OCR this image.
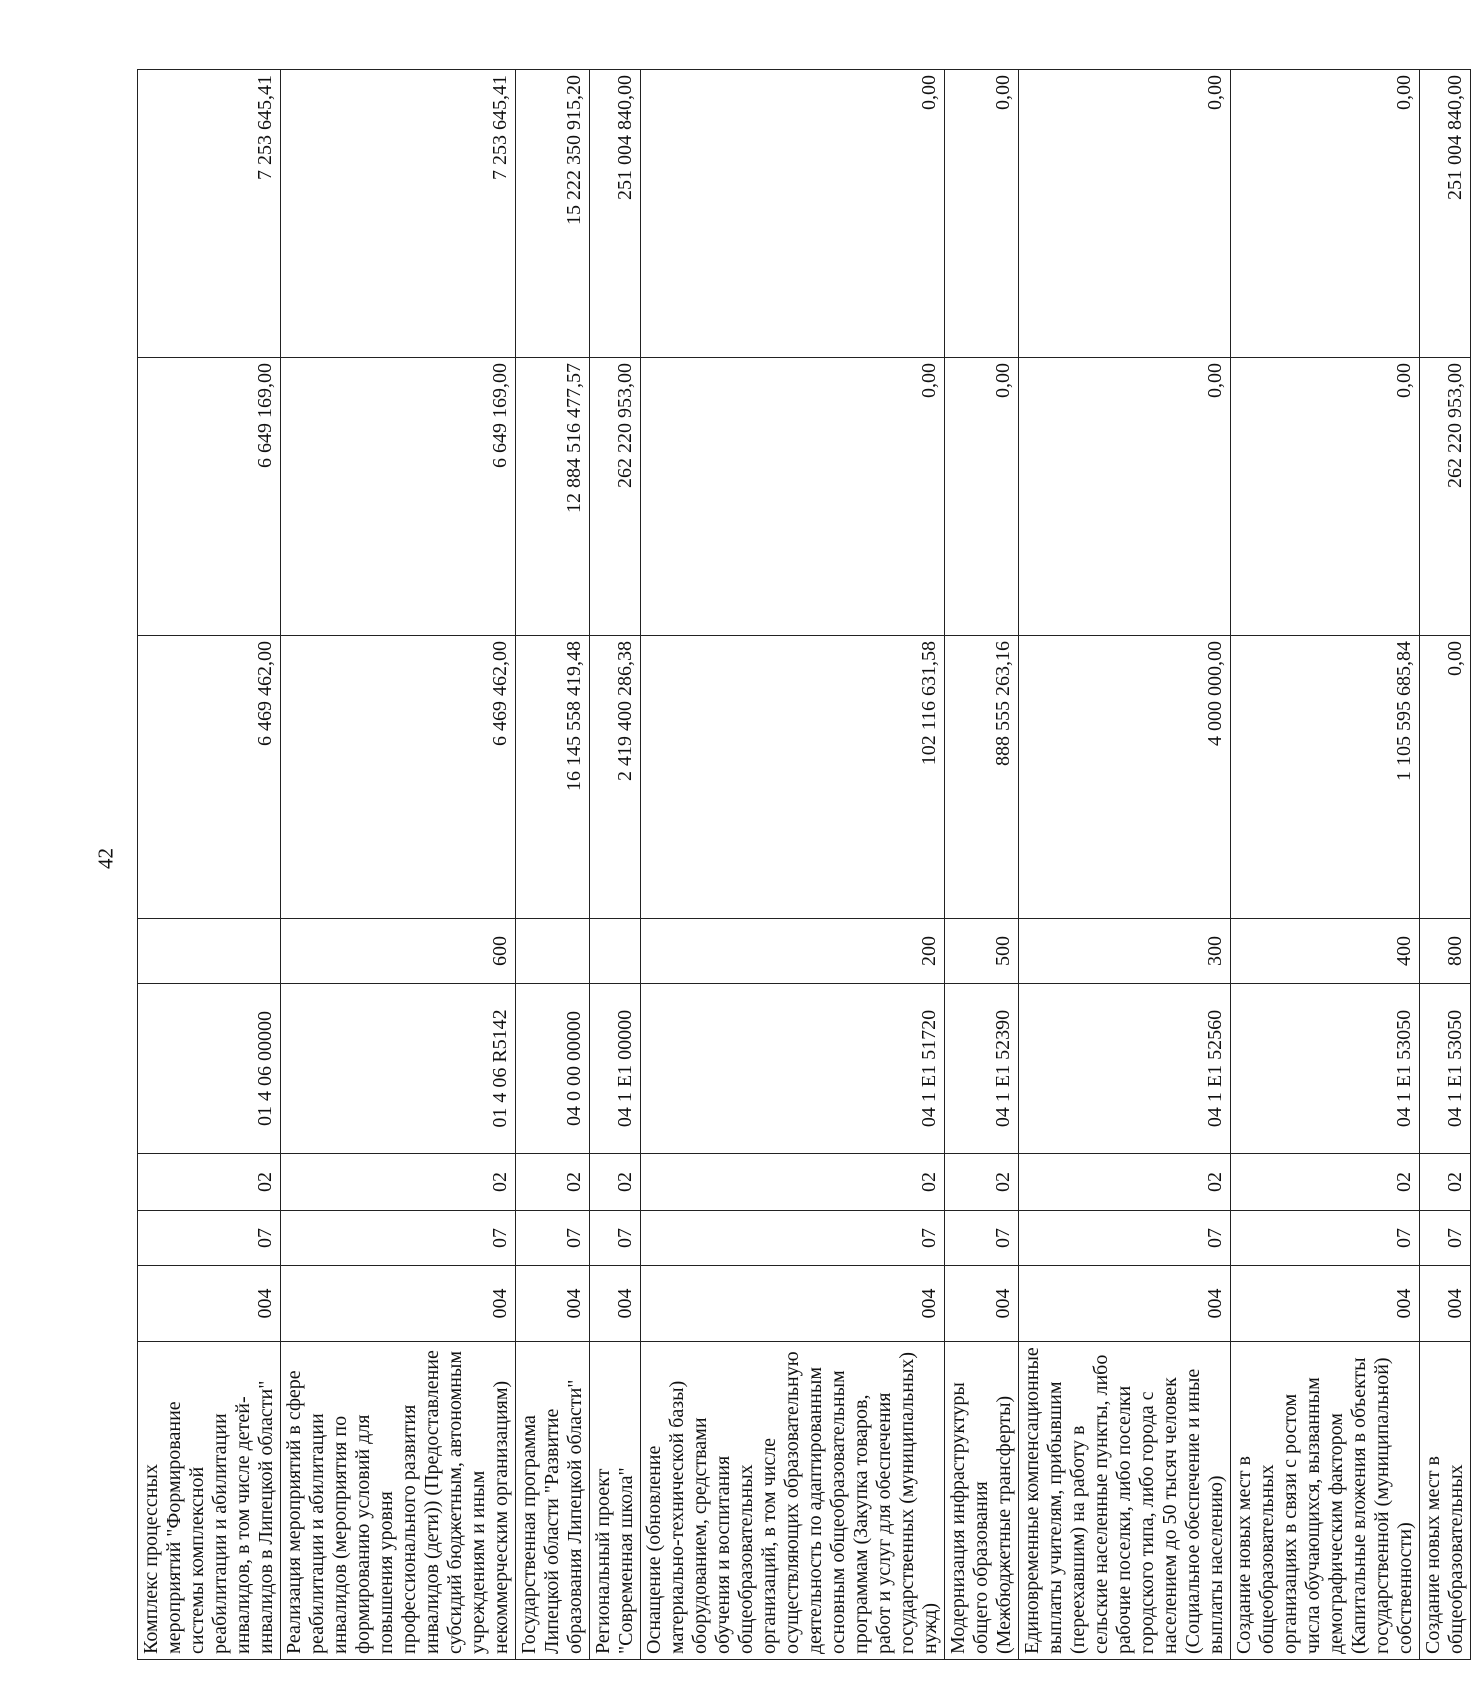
42
Комплекс процессных мероприятий "Формирование системы комплексной реабилитации и абилитации инвалидов, в том числе детей-инвалидов в Липецкой области"	004	07	02	01 4 06 00000		6 469 462,00	6 649 169,00	7 253 645,41
Реализация мероприятий в сфере реабилитации и абилитации инвалидов (мероприятия по формированию условий для повышения уровня профессионального развития инвалидов (дети)) (Предоставление субсидий бюджетным, автономным учреждениям и иным некоммерческим организациям)	004	07	02	01 4 06 R5142	600	6 469 462,00	6 649 169,00	7 253 645,41
Государственная программа Липецкой области "Развитие образования Липецкой области"	004	07	02	04 0 00 00000		16 145 558 419,48	12 884 516 477,57	15 222 350 915,20
Региональный проект "Современная школа"	004	07	02	04 1 E1 00000		2 419 400 286,38	262 220 953,00	251 004 840,00
Оснащение (обновление материально-технической базы) оборудованием, средствами обучения и воспитания общеобразовательных организаций, в том числе осуществляющих образовательную деятельность по адаптированным основным общеобразовательным программам (Закупка товаров, работ и услуг для обеспечения государственных (муниципальных) нужд)	004	07	02	04 1 E1 51720	200	102 116 631,58	0,00	0,00
Модернизация инфраструктуры общего образования (Межбюджетные трансферты)	004	07	02	04 1 E1 52390	500	888 555 263,16	0,00	0,00
Единовременные компенсационные выплаты учителям, прибывшим (переехавшим) на работу в сельские населенные пункты, либо рабочие поселки, либо поселки городского типа, либо города с населением до 50 тысяч человек (Социальное обеспечение и иные выплаты населению)	004	07	02	04 1 E1 52560	300	4 000 000,00	0,00	0,00
Создание новых мест в общеобразовательных организациях в связи с ростом числа обучающихся, вызванным демографическим фактором (Капитальные вложения в объекты государственной (муниципальной) собственности)	004	07	02	04 1 E1 53050	400	1 105 595 685,84	0,00	0,00
Создание новых мест в общеобразовательных	004	07	02	04 1 E1 53050	800	0,00	262 220 953,00	251 004 840,00
